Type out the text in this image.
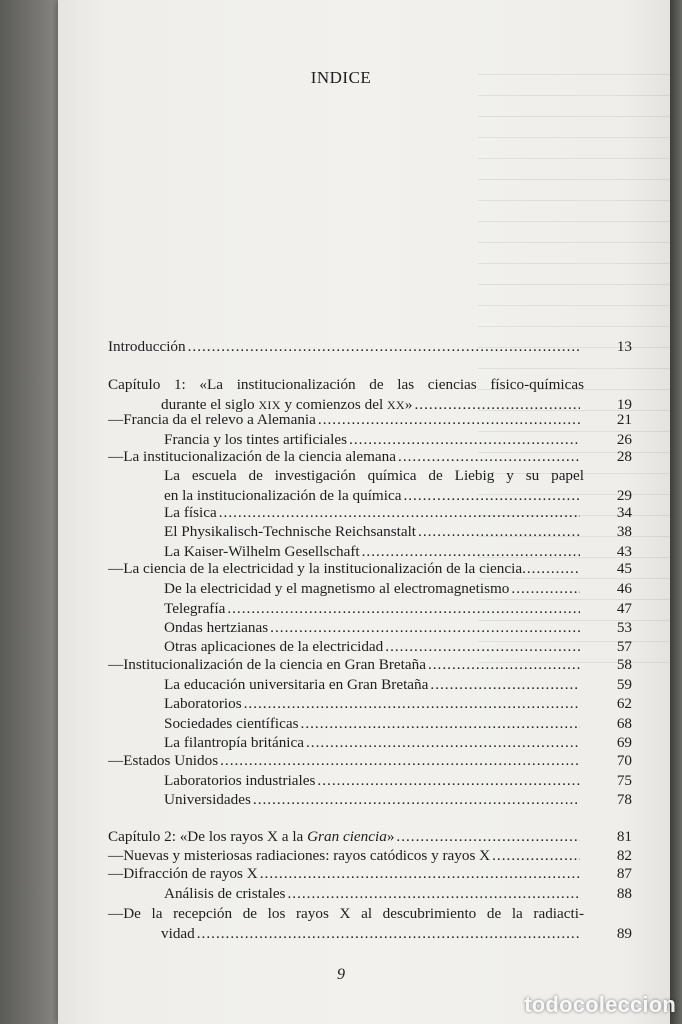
INDICE
Introducción .....	13
Capítulo 1: «La institucionalización de las ciencias físico-químicas
durante el siglo XIX y comienzos del XX» .....	19
—Francia da el relevo a Alemania .....	21
Francia y los tintes artificiales .....	26
—La institucionalización de la ciencia alemana .....	28
La escuela de investigación química de Liebig y su papel
en la institucionalización de la química .....	29
La física .....	34
El Physikalisch-Technische Reichsanstalt .....	38
La Kaiser-Wilhelm Gesellschaft .....	43
—La ciencia de la electricidad y la institucionalización de la ciencia .....	45
De la electricidad y el magnetismo al electromagnetismo .....	46
Telegrafía .....	47
Ondas hertzianas .....	53
Otras aplicaciones de la electricidad .....	57
—Institucionalización de la ciencia en Gran Bretaña .....	58
La educación universitaria en Gran Bretaña .....	59
Laboratorios .....	62
Sociedades científicas .....	68
La filantropía británica .....	69
—Estados Unidos .....	70
Laboratorios industriales .....	75
Universidades .....	78
Capítulo 2: «De los rayos X a la Gran ciencia» .....	81
—Nuevas y misteriosas radiaciones: rayos catódicos y rayos X .....	82
—Difracción de rayos X .....	87
Análisis de cristales .....	88
—De la recepción de los rayos X al descubrimiento de la radiacti-
vidad .....	89
9
todocoleccion
